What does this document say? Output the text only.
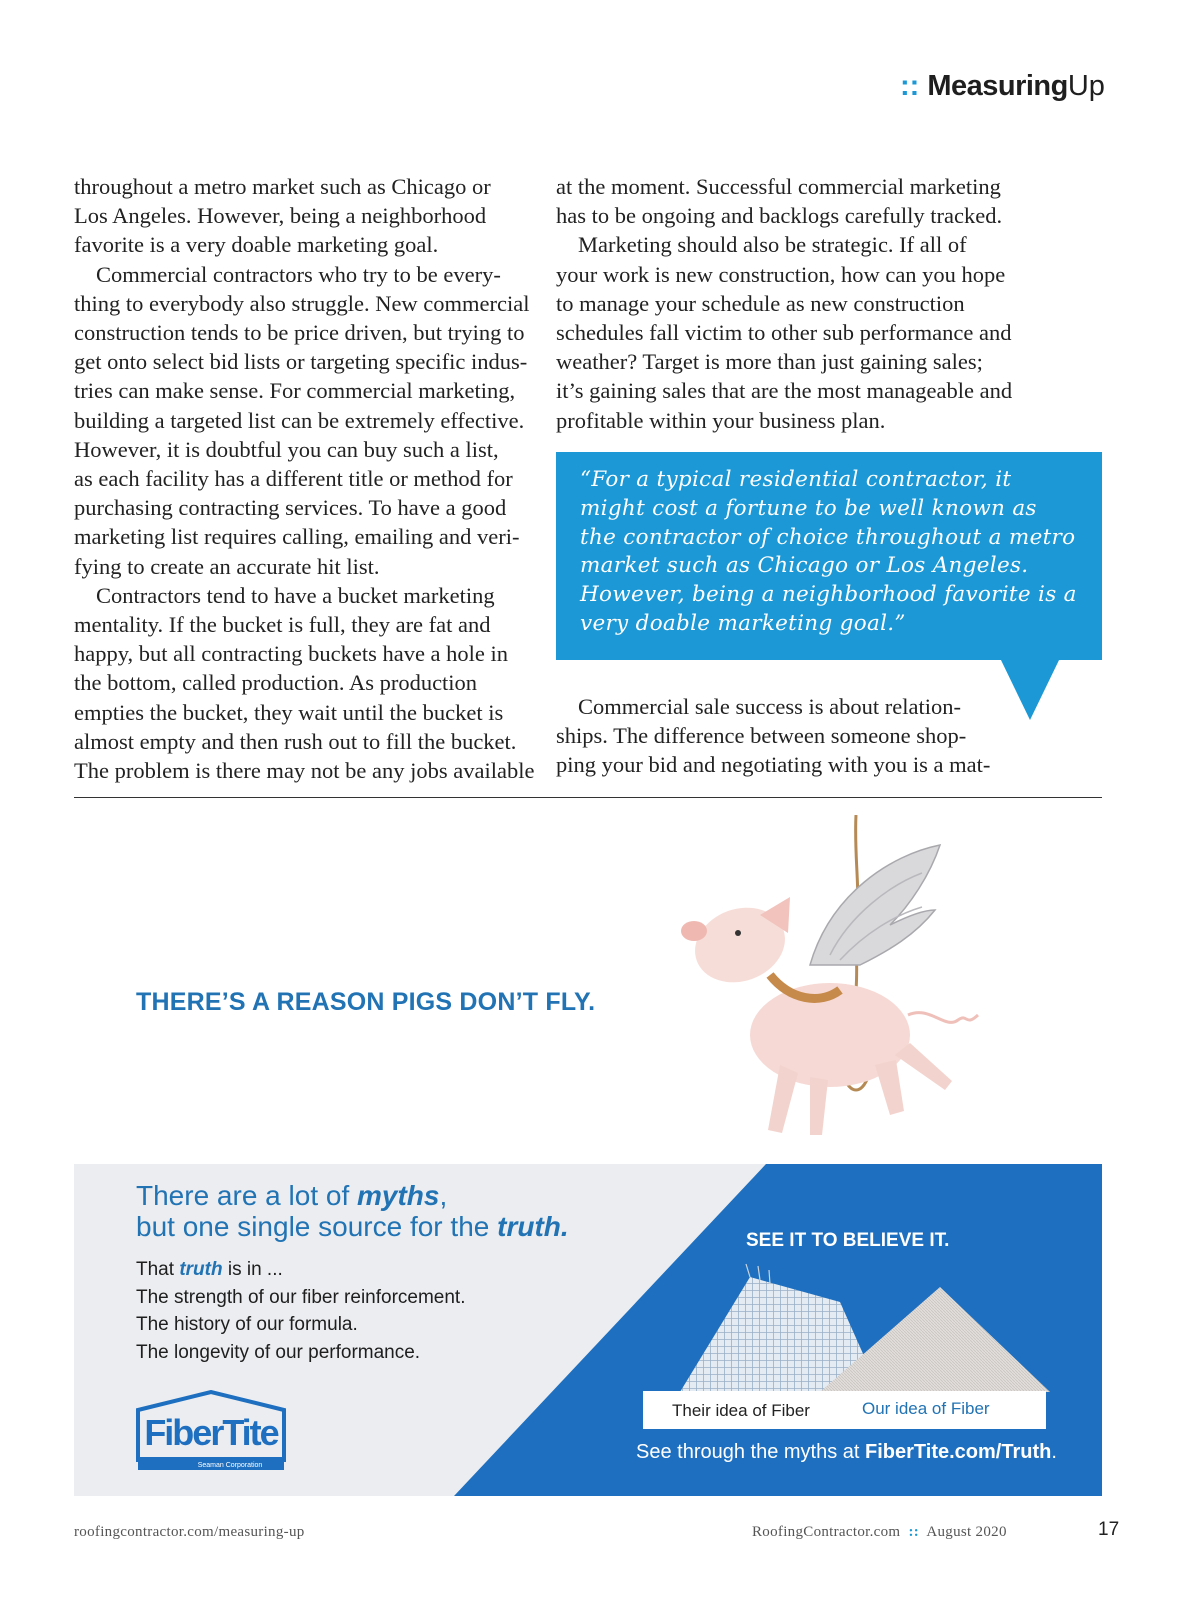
:: MeasuringUp
throughout a metro market such as Chicago or
Los Angeles. However, being a neighborhood
favorite is a very doable marketing goal.
Commercial contractors who try to be every-
thing to everybody also struggle. New commercial
construction tends to be price driven, but trying to
get onto select bid lists or targeting specific indus-
tries can make sense. For commercial marketing,
building a targeted list can be extremely effective.
However, it is doubtful you can buy such a list,
as each facility has a different title or method for
purchasing contracting services. To have a good
marketing list requires calling, emailing and veri-
fying to create an accurate hit list.
Contractors tend to have a bucket marketing
mentality. If the bucket is full, they are fat and
happy, but all contracting buckets have a hole in
the bottom, called production. As production
empties the bucket, they wait until the bucket is
almost empty and then rush out to fill the bucket.
The problem is there may not be any jobs available
at the moment. Successful commercial marketing
has to be ongoing and backlogs carefully tracked.
Marketing should also be strategic. If all of
your work is new construction, how can you hope
to manage your schedule as new construction
schedules fall victim to other sub performance and
weather? Target is more than just gaining sales;
it’s gaining sales that are the most manageable and
profitable within your business plan.
“For a typical residential contractor, it
might cost a fortune to be well known as
the contractor of choice throughout a metro
market such as Chicago or Los Angeles.
However, being a neighborhood favorite is a
very doable marketing goal.”
Commercial sale success is about relation-
ships. The difference between someone shop-
ping your bid and negotiating with you is a mat-
THERE’S A REASON PIGS DON’T FLY.
There are a lot of myths,
but one single source for the truth.
That truth is in ...
The strength of our fiber reinforcement.
The history of our formula.
The longevity of our performance.
SEE IT TO BELIEVE IT.
Their idea of Fiber	Our idea of Fiber
See through the myths at FiberTite.com/Truth.
FiberTite
Seaman Corporation
roofingcontractor.com/measuring-up	RoofingContractor.com  ::  August 2020	17
